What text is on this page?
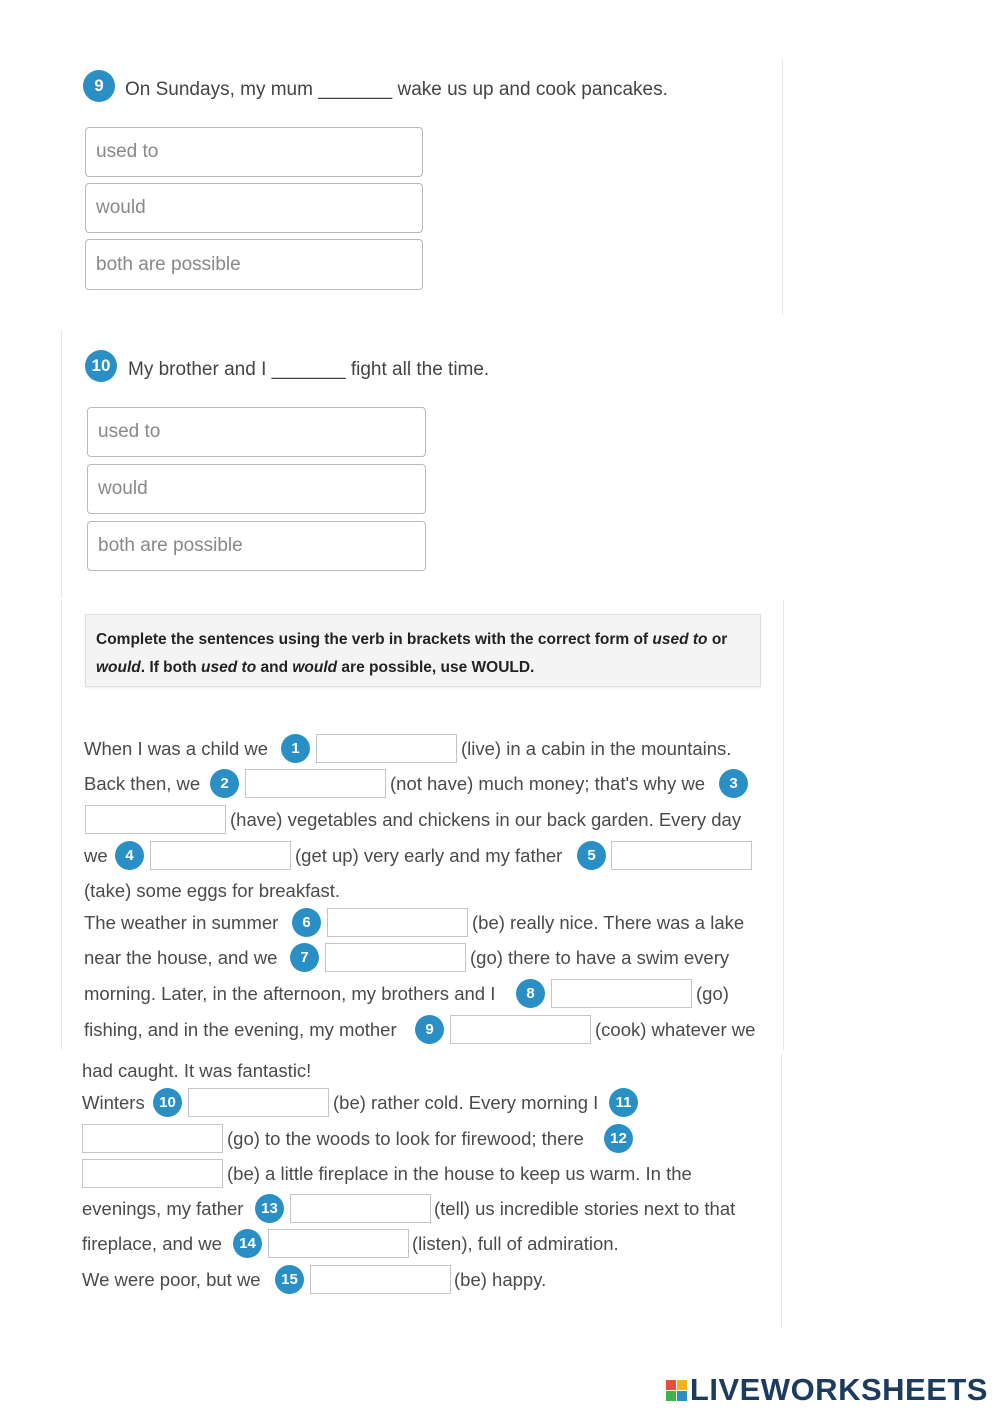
9	On Sundays, my mum _______ wake us up and cook pancakes.
used to
would
both are possible
10 My brother and I _______ fight all the time.
used to
would
both are possible
Complete the sentences using the verb in brackets with the correct form of used to or
would. If both used to and would are possible, use WOULD.
When I was a child we	1	(live) in a cabin in the mountains.
Back then, we	2	(not have) much money; that's why we	3
(have) vegetables and chickens in our back garden. Every day
we	4	(get up) very early and my father	5
(take) some eggs for breakfast.
The weather in summer	6	(be) really nice. There was a lake
near the house, and we	7	(go) there to have a swim every
morning. Later, in the afternoon, my brothers and I	8	(go)
fishing, and in the evening, my mother	9	(cook) whatever we
had caught. It was fantastic!
Winters 10	(be) rather cold. Every morning I	11
(go) to the woods to look for firewood; there	12
(be) a little fireplace in the house to keep us warm. In the
evenings, my father	13	(tell) us incredible stories next to that
fireplace, and we	14	(listen), full of admiration.
We were poor, but we	15	(be) happy.
LIVEWORKSHEETS
